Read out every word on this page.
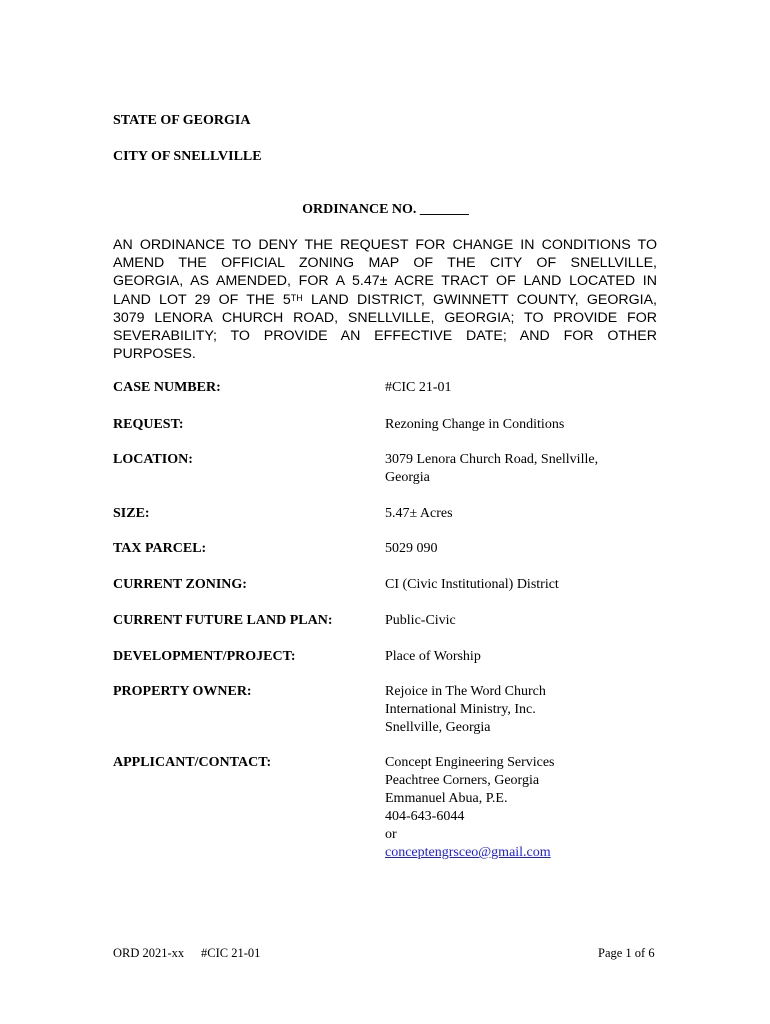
STATE OF GEORGIA
CITY OF SNELLVILLE
ORDINANCE NO. _______
AN ORDINANCE TO DENY THE REQUEST FOR CHANGE IN CONDITIONS TO
AMEND THE OFFICIAL ZONING MAP OF THE CITY OF SNELLVILLE,
GEORGIA, AS AMENDED, FOR A 5.47± ACRE TRACT OF LAND LOCATED IN
LAND LOT 29 OF THE 5TH LAND DISTRICT, GWINNETT COUNTY, GEORGIA,
3079 LENORA CHURCH ROAD, SNELLVILLE, GEORGIA; TO PROVIDE FOR
SEVERABILITY; TO PROVIDE AN EFFECTIVE DATE; AND FOR OTHER
PURPOSES.
CASE NUMBER:	#CIC 21-01
REQUEST:	Rezoning Change in Conditions
LOCATION:	3079 Lenora Church Road, Snellville,
Georgia
SIZE:	5.47± Acres
TAX PARCEL:	5029 090
CURRENT ZONING:	CI (Civic Institutional) District
CURRENT FUTURE LAND PLAN:	Public-Civic
DEVELOPMENT/PROJECT:	Place of Worship
PROPERTY OWNER:	Rejoice in The Word Church
International Ministry, Inc.
Snellville, Georgia
APPLICANT/CONTACT:	Concept Engineering Services
Peachtree Corners, Georgia
Emmanuel Abua, P.E.
404-643-6044
or
conceptengrsceo@gmail.com
ORD 2021-xx #CIC 21-01	Page 1 of 6
